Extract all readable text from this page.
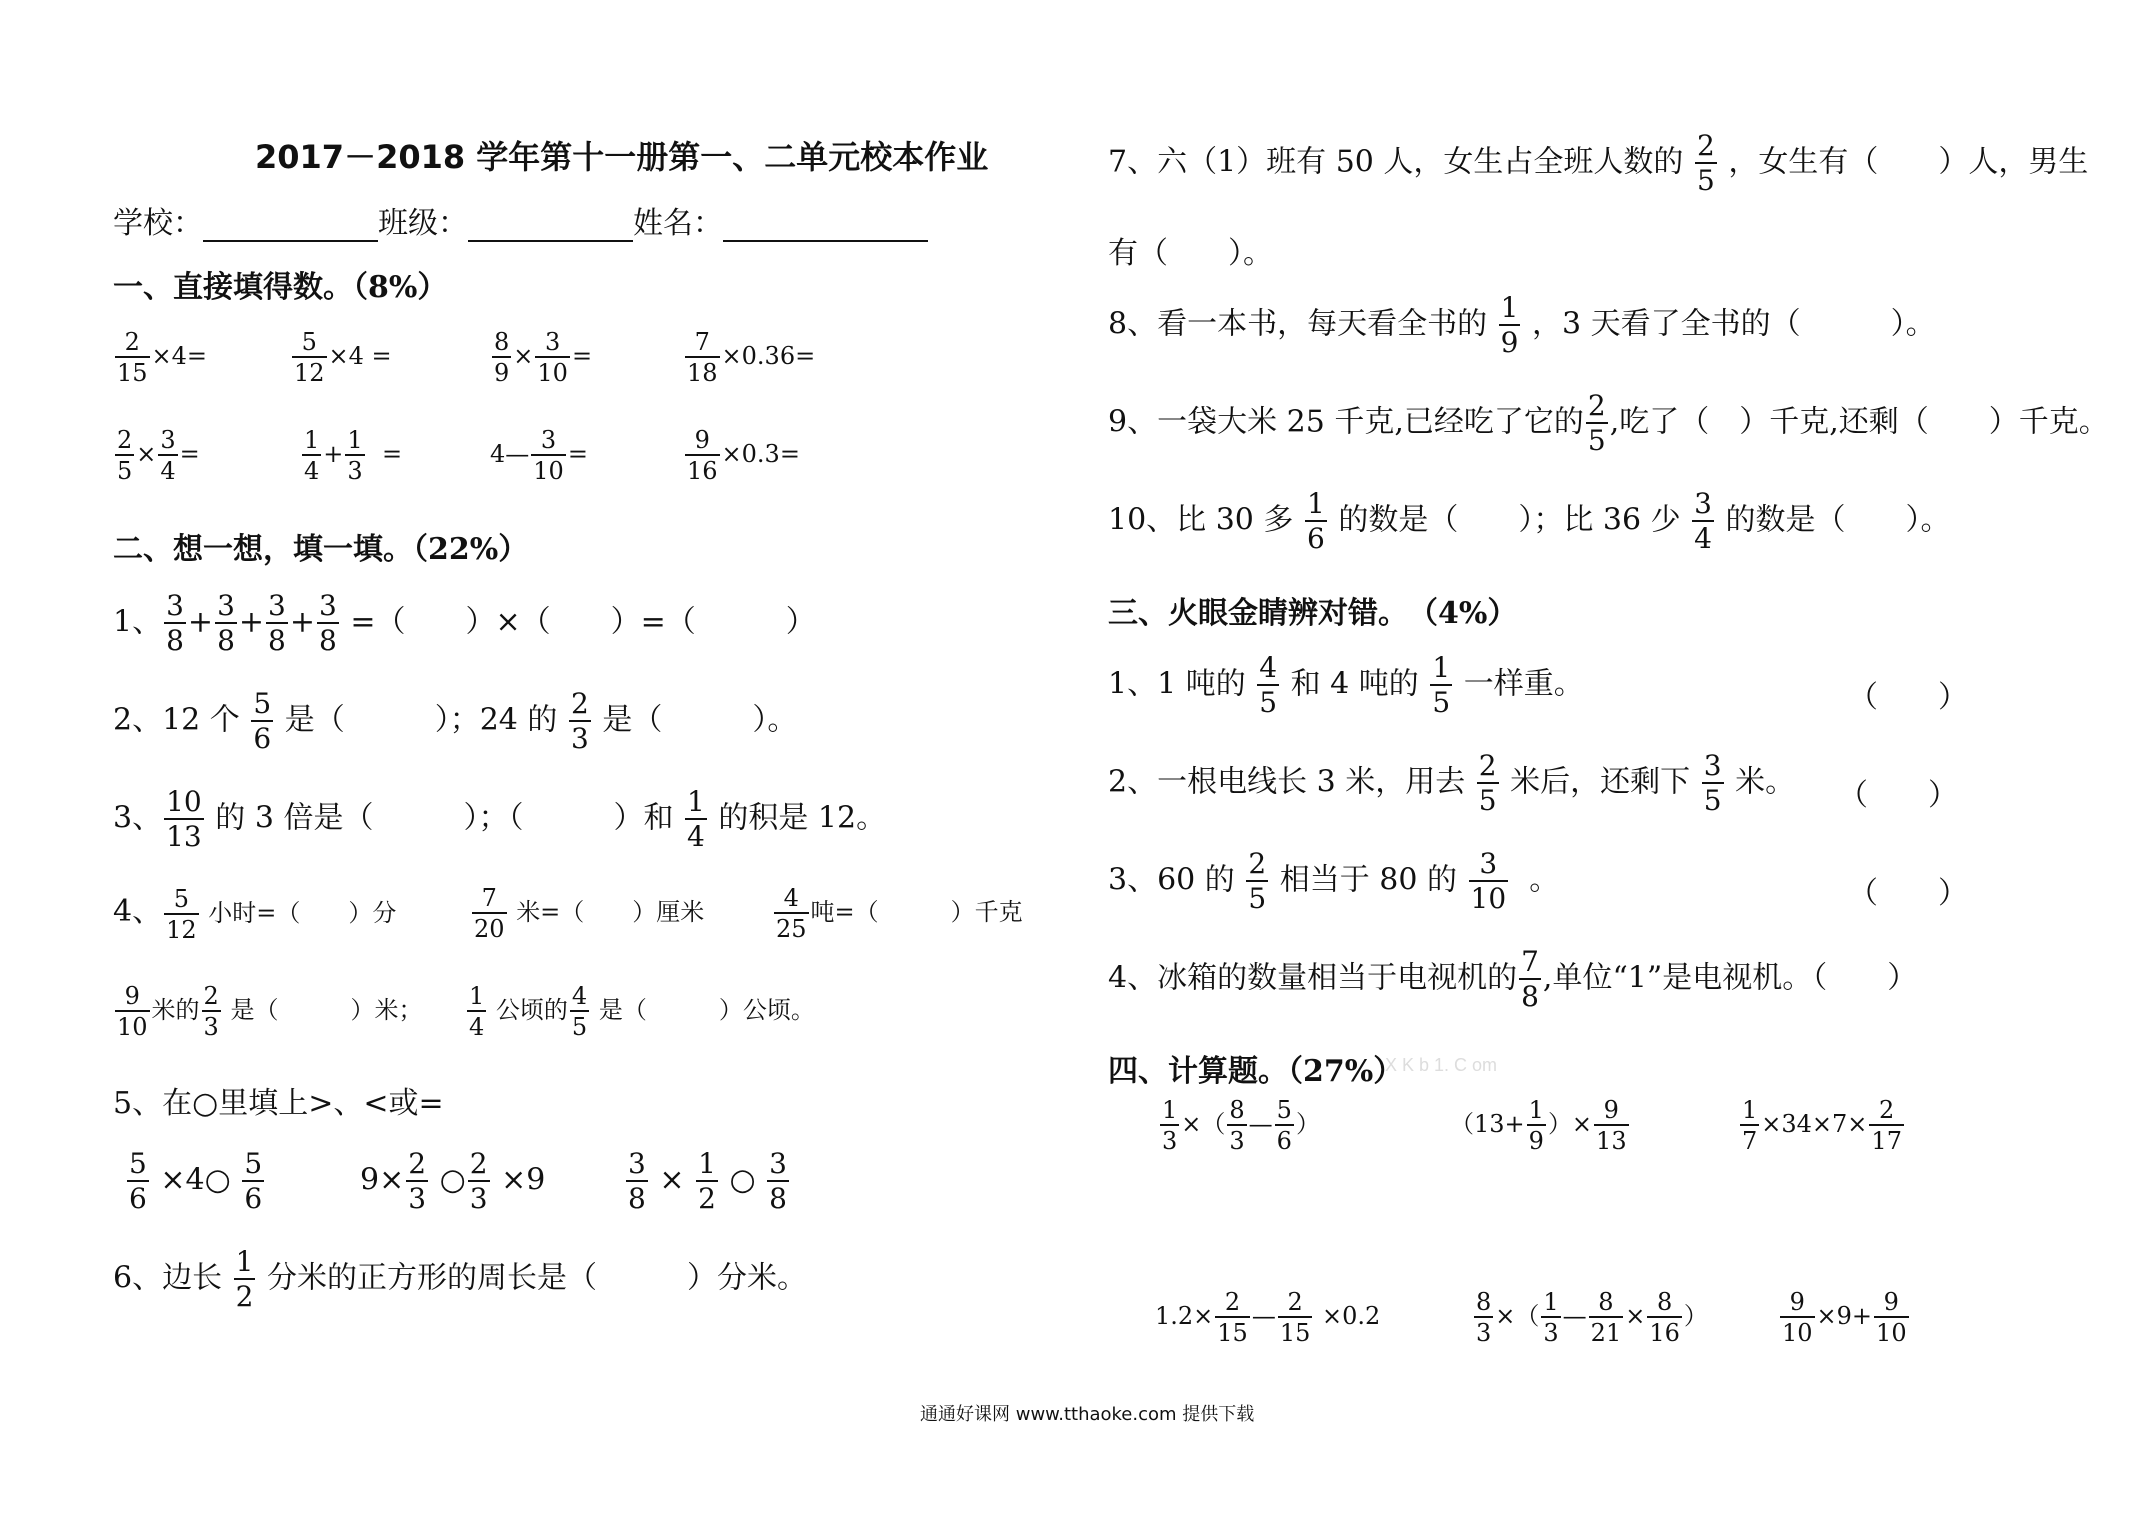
2017－2018 学年第十一册第一、二单元校本作业
学校：	班级：	姓名：
一、直接填得数。（8%）
$\frac{2}{15} \times 4=$	$\frac{5}{12} \times 4$ =	$\frac{8}{9} \times \frac{3}{10}$ =	$\frac{7}{18} \times 0.36=$
$\frac{2}{5} \times \frac{3}{4}$ =	$\frac{1}{4} + \frac{1}{3}$ =	4— $\frac{3}{10}$ =	$\frac{9}{16} \times 0.3=$
二、想一想，填一填。（22%）
1、 $\frac{3}{8} + \frac{3}{8} + \frac{3}{8} + \frac{3}{8}$ =（　　）×（　　）=（　　　）
2、12 个 $\frac{5}{6}$ 是（　　　）；24 的 $\frac{2}{3}$ 是（　　　）。
3、 $\frac{10}{13}$ 的 3 倍是（　　　）；（　　　）和 $\frac{1}{4}$ 的积是 12。
4、 $\frac{5}{12}$ 小时=（　　）分	$\frac{7}{20}$ 米=（　　）厘米	$\frac{4}{25}$ 吨=（　　　）千克
$\frac{9}{10}$ 米的 $\frac{2}{3}$ 是（　　　）米； $\frac{1}{4}$ 公顷的 $\frac{4}{5}$ 是（　　　）公顷。
5、在○里填上>、<或=
$\frac{5}{6}$ ×4○ $\frac{5}{6}$	$9\times \frac{2}{3}$ ○ $\frac{2}{3} \times 9$	$\frac{3}{8} \times \frac{1}{2}$ ○ $\frac{3}{8}$
6、边长 $\frac{1}{2}$ 分米的正方形的周长是（　　　）分米。
7、六（1）班有 50 人，女生占全班人数的 $\frac{2}{5}$ ，女生有（　　）人，男生
有（　　）。
8、看一本书，每天看全书的 $\frac{1}{9}$ ，3 天看了全书的（　　　）。
9、一袋大米 25 千克,已经吃了它的 $\frac{2}{5}$ ,吃了（　）千克,还剩（　　）千克。
10、比 30 多 $\frac{1}{6}$ 的数是（　　）；比 36 少 $\frac{3}{4}$ 的数是（　　）。
三、火眼金睛辨对错。　（4%）
1、1 吨的 $\frac{4}{5}$ 和 4 吨的 $\frac{1}{5}$ 一样重。	（　　）
2、一根电线长 3 米，用去 $\frac{2}{5}$ 米后，还剩下 $\frac{3}{5}$ 米。 （　　）
3、60 的 $\frac{2}{5}$ 相当于 80 的 $\frac{3}{10}$ 。	（　　）
4、冰箱的数量相当于电视机的 $\frac{7}{8}$ ,单位“1”是电视机。（　　）
四、计算题。（27%）
X K b 1. C om
$\frac{1}{3}$ ×（ $\frac{8}{3}$ — $\frac{5}{6}$ ）	（$13+ \frac{1}{9}$ ）× $\frac{9}{13}$	$\frac{1}{7} \times 34\times 7\times \frac{2}{17}$
$1.2\times \frac{2}{15}$ — $\frac{2}{15} \times 0.2$	$\frac{8}{3}$ ×（ $\frac{1}{3}$ — $\frac{8}{21} \times \frac{8}{16}$ ）	$\frac{9}{10} \times 9+ \frac{9}{10}$
通通好课网 www.tthaoke.com 提供下载
